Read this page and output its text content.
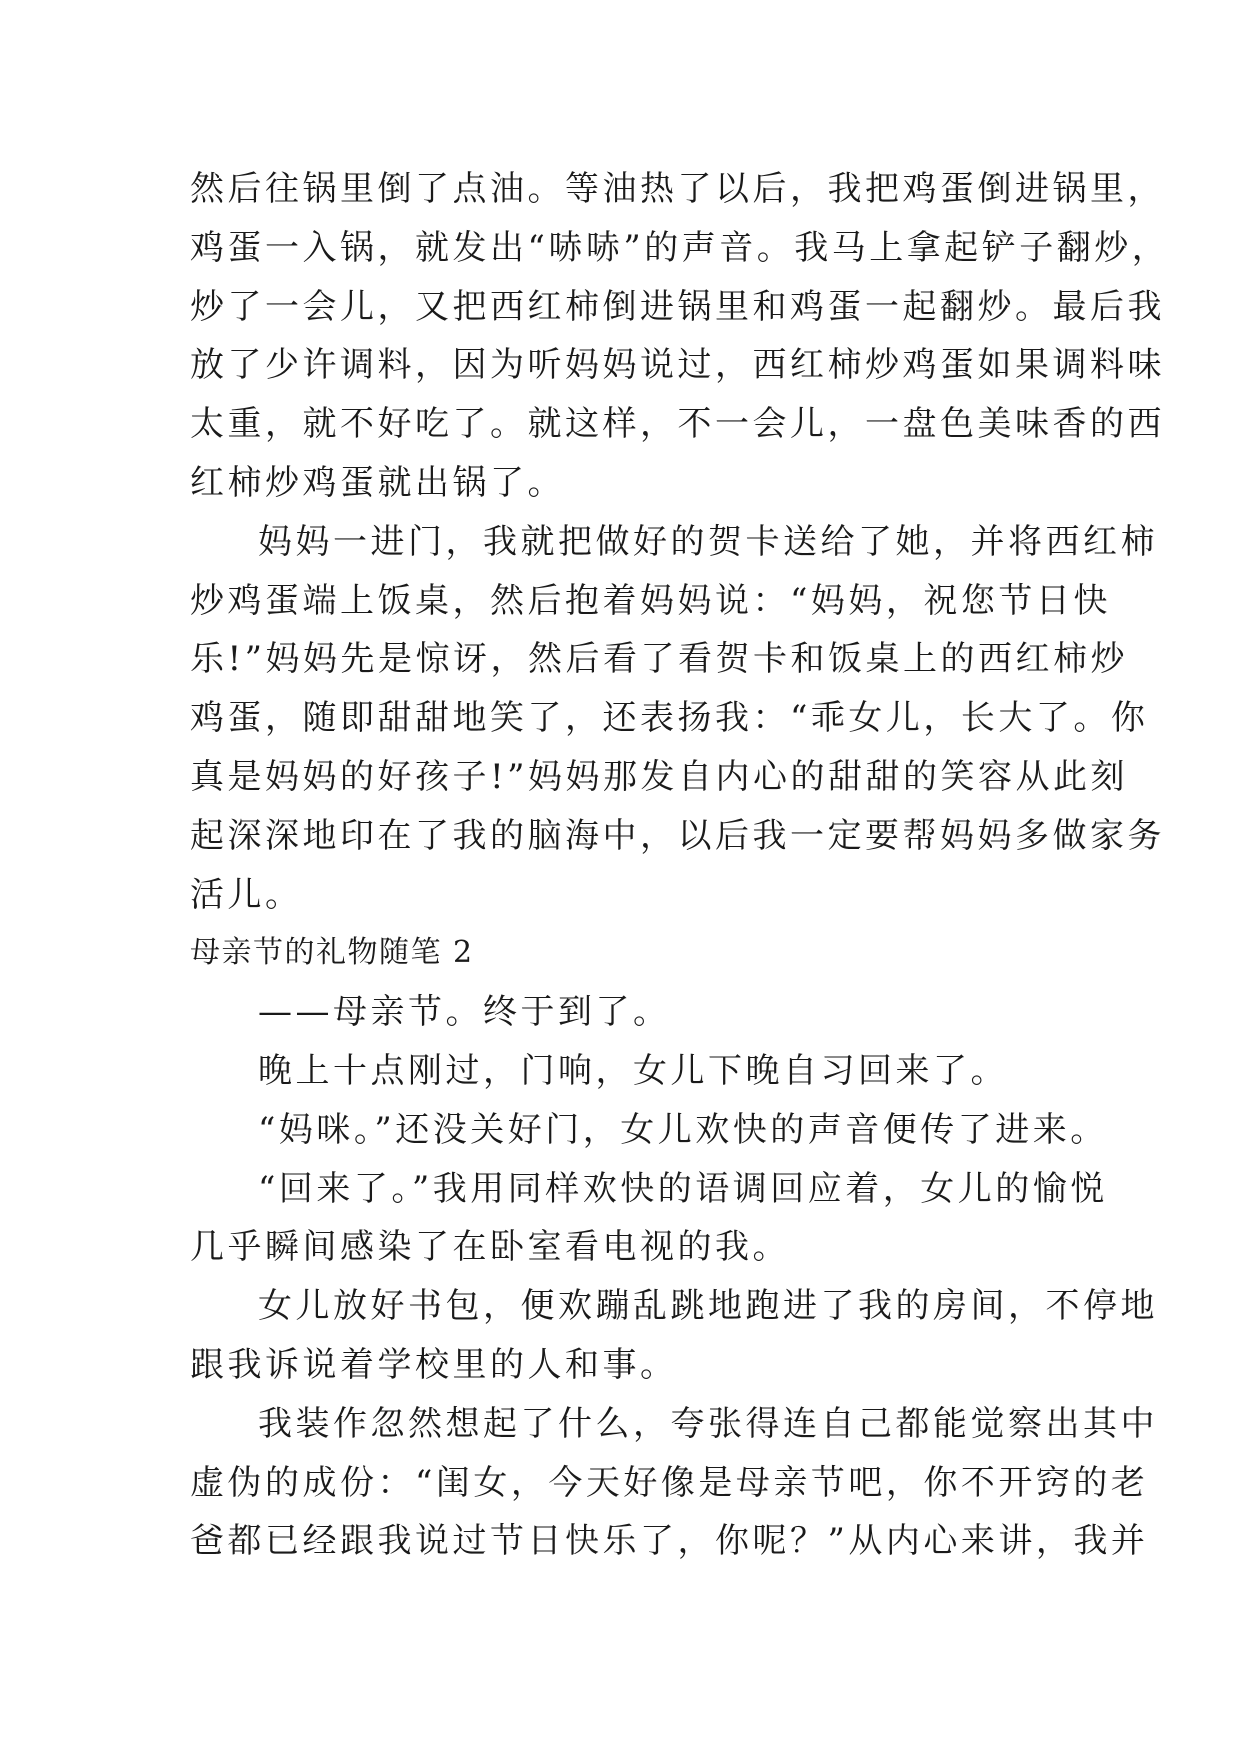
然后往锅里倒了点油。等油热了以后，我把鸡蛋倒进锅里，
鸡蛋一入锅，就发出“哧哧”的声音。我马上拿起铲子翻炒，
炒了一会儿，又把西红柿倒进锅里和鸡蛋一起翻炒。最后我
放了少许调料，因为听妈妈说过，西红柿炒鸡蛋如果调料味
太重，就不好吃了。就这样，不一会儿，一盘色美味香的西
红柿炒鸡蛋就出锅了。
妈妈一进门，我就把做好的贺卡送给了她，并将西红柿
炒鸡蛋端上饭桌，然后抱着妈妈说：“妈妈，祝您节日快
乐!”妈妈先是惊讶，然后看了看贺卡和饭桌上的西红柿炒
鸡蛋，随即甜甜地笑了，还表扬我：“乖女儿，长大了。你
真是妈妈的好孩子!”妈妈那发自内心的甜甜的笑容从此刻
起深深地印在了我的脑海中，以后我一定要帮妈妈多做家务
活儿。
母亲节的礼物随笔 2
——母亲节。终于到了。
晚上十点刚过，门响，女儿下晚自习回来了。
“妈咪。”还没关好门，女儿欢快的声音便传了进来。
“回来了。”我用同样欢快的语调回应着，女儿的愉悦
几乎瞬间感染了在卧室看电视的我。
女儿放好书包，便欢蹦乱跳地跑进了我的房间，不停地
跟我诉说着学校里的人和事。
我装作忽然想起了什么，夸张得连自己都能觉察出其中
虚伪的成份：“闺女，今天好像是母亲节吧，你不开窍的老
爸都已经跟我说过节日快乐了，你呢？”从内心来讲，我并
